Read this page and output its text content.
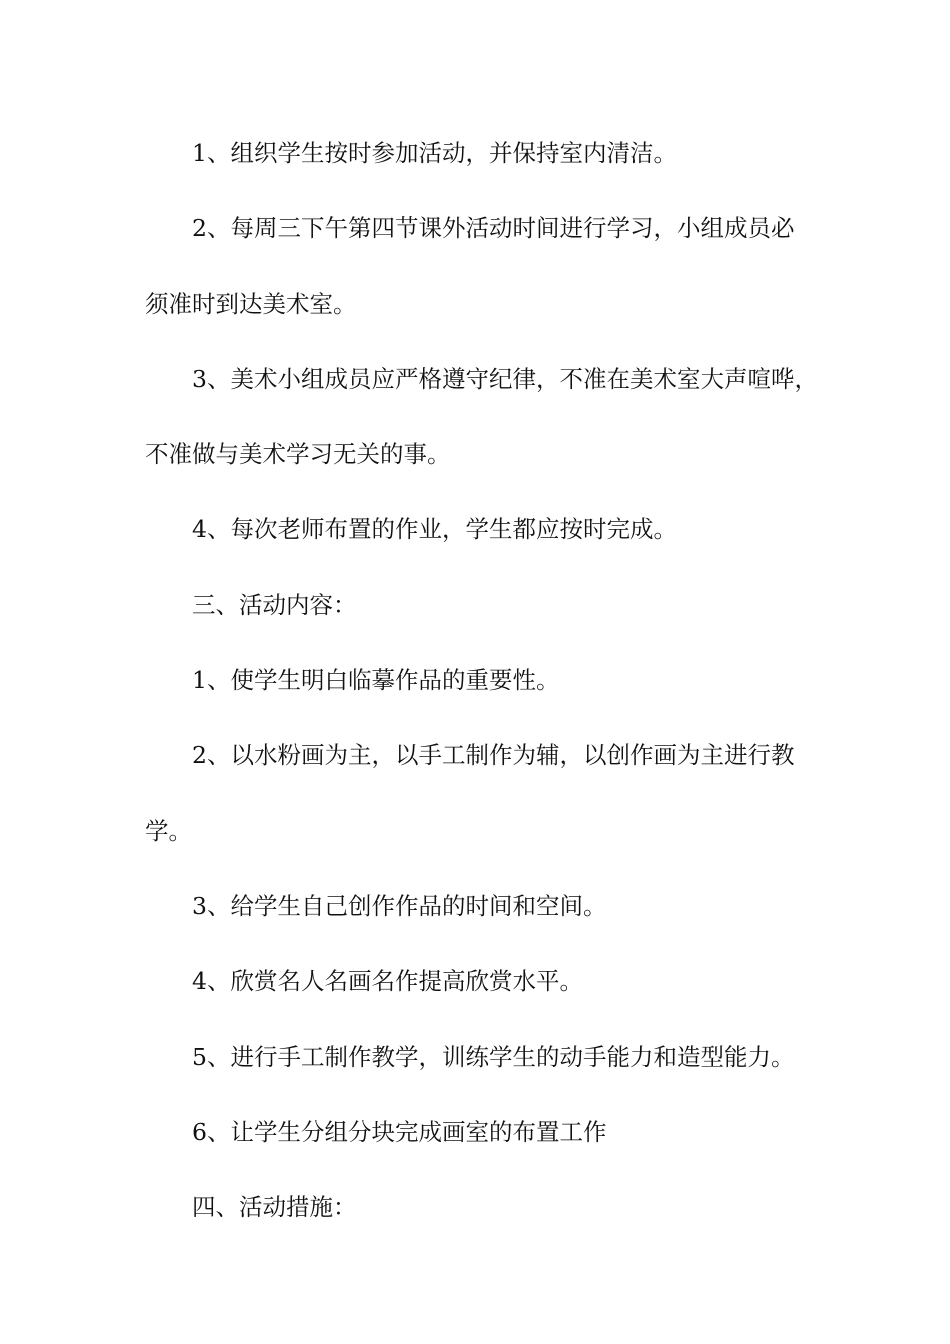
1、组织学生按时参加活动，并保持室内清洁。
2、每周三下午第四节课外活动时间进行学习，小组成员必
须准时到达美术室。
3、美术小组成员应严格遵守纪律，不准在美术室大声喧哗，
不准做与美术学习无关的事。
4、每次老师布置的作业，学生都应按时完成。
三、活动内容：
1、使学生明白临摹作品的重要性。
2、以水粉画为主，以手工制作为辅，以创作画为主进行教
学。
3、给学生自己创作作品的时间和空间。
4、欣赏名人名画名作提高欣赏水平。
5、进行手工制作教学，训练学生的动手能力和造型能力。
6、让学生分组分块完成画室的布置工作
四、活动措施：
